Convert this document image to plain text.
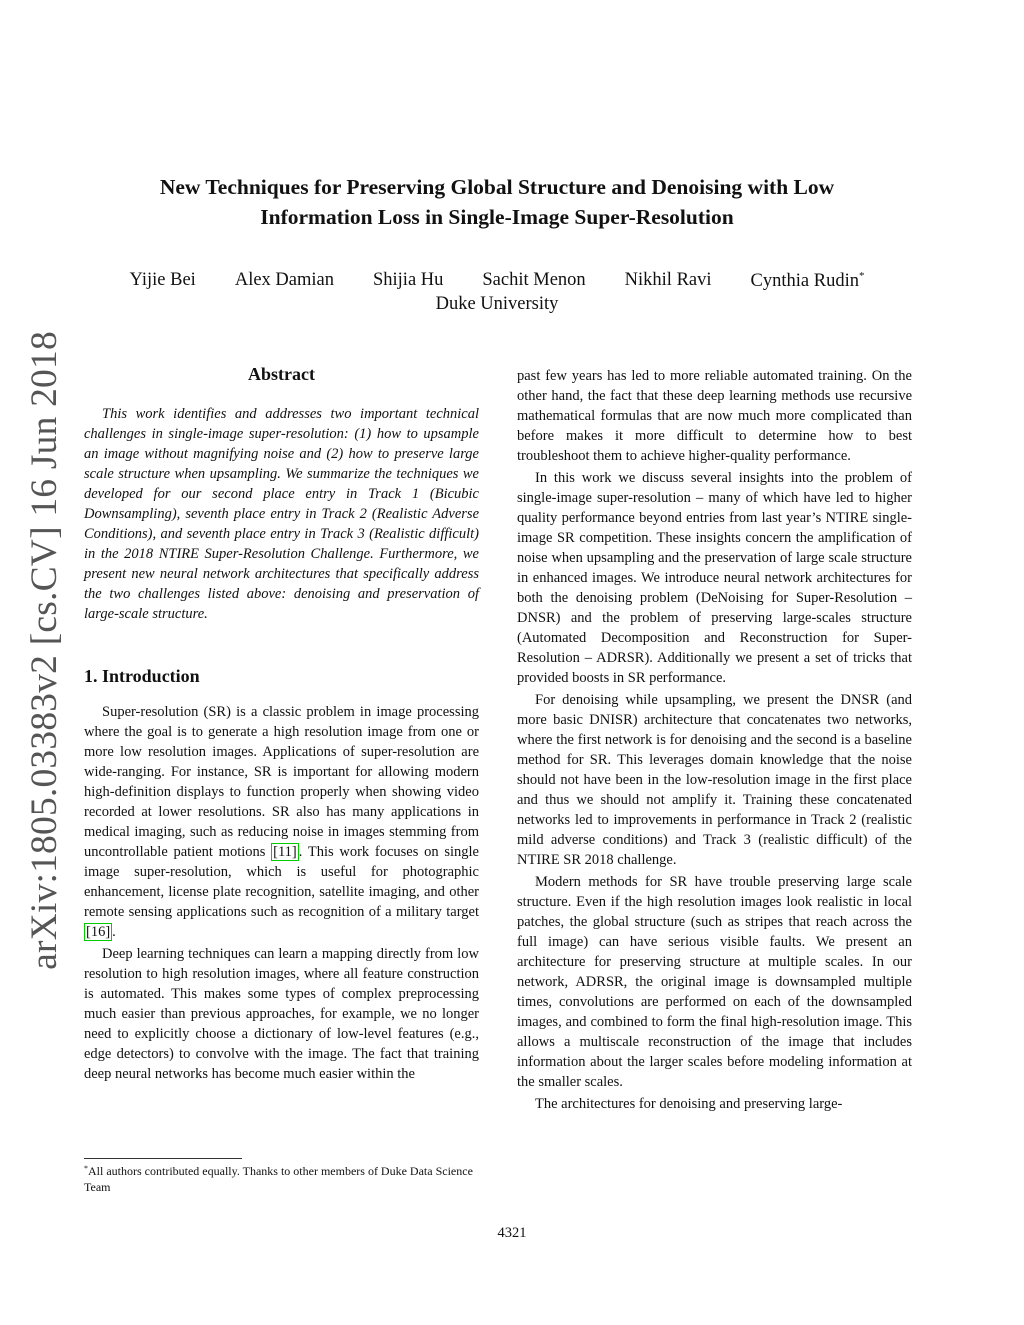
arXiv:1805.03383v2 [cs.CV] 16 Jun 2018
New Techniques for Preserving Global Structure and Denoising with Low
Information Loss in Single-Image Super-Resolution
Yijie Bei Alex Damian Shijia Hu Sachit Menon Nikhil Ravi Cynthia Rudin*
Duke University
Abstract

This work identifies and addresses two important technical challenges in single-image super-resolution: (1) how to upsample an image without magnifying noise and (2) how to preserve large scale structure when upsampling. We summarize the techniques we developed for our second place entry in Track 1 (Bicubic Downsampling), seventh place entry in Track 2 (Realistic Adverse Conditions), and seventh place entry in Track 3 (Realistic difficult) in the 2018 NTIRE Super-Resolution Challenge. Furthermore, we present new neural network architectures that specifically address the two challenges listed above: denoising and preservation of large-scale structure.

1. Introduction

Super-resolution (SR) is a classic problem in image processing where the goal is to generate a high resolution image from one or more low resolution images. Applications of super-resolution are wide-ranging. For instance, SR is important for allowing modern high-definition displays to function properly when showing video recorded at lower resolutions. SR also has many applications in medical imaging, such as reducing noise in images stemming from uncontrollable patient motions [11] . This work focuses on single image super-resolution, which is useful for photographic enhancement, license plate recognition, satellite imaging, and other remote sensing applications such as recognition of a military target [16] .

Deep learning techniques can learn a mapping directly from low resolution to high resolution images, where all feature construction is automated. This makes some types of complex preprocessing much easier than previous approaches, for example, we no longer need to explicitly choose a dictionary of low-level features (e.g., edge detectors) to convolve with the image. The fact that training deep neural networks has become much easier within the

past few years has led to more reliable automated training. On the other hand, the fact that these deep learning methods use recursive mathematical formulas that are now much more complicated than before makes it more difficult to determine how to best troubleshoot them to achieve higher-quality performance.

In this work we discuss several insights into the problem of single-image super-resolution – many of which have led to higher quality performance beyond entries from last year’s NTIRE single-image SR competition. These insights concern the amplification of noise when upsampling and the preservation of large scale structure in enhanced images. We introduce neural network architectures for both the denoising problem (DeNoising for Super-Resolution – DNSR) and the problem of preserving large-scales structure (Automated Decomposition and Reconstruction for Super-Resolution – ADRSR). Additionally we present a set of tricks that provided boosts in SR performance.

For denoising while upsampling, we present the DNSR (and more basic DNISR) architecture that concatenates two networks, where the first network is for denoising and the second is a baseline method for SR. This leverages domain knowledge that the noise should not have been in the low-resolution image in the first place and thus we should not amplify it. Training these concatenated networks led to improvements in performance in Track 2 (realistic mild adverse conditions) and Track 3 (realistic difficult) of the NTIRE SR 2018 challenge.

Modern methods for SR have trouble preserving large scale structure. Even if the high resolution images look realistic in local patches, the global structure (such as stripes that reach across the full image) can have serious visible faults. We present an architecture for preserving structure at multiple scales. In our network, ADRSR, the original image is downsampled multiple times, convolutions are performed on each of the downsampled images, and combined to form the final high-resolution image. This allows a multiscale reconstruction of the image that includes information about the larger scales before modeling information at the smaller scales.

The architectures for denoising and preserving large-

*All authors contributed equally. Thanks to other members of Duke Data Science Team
4321
